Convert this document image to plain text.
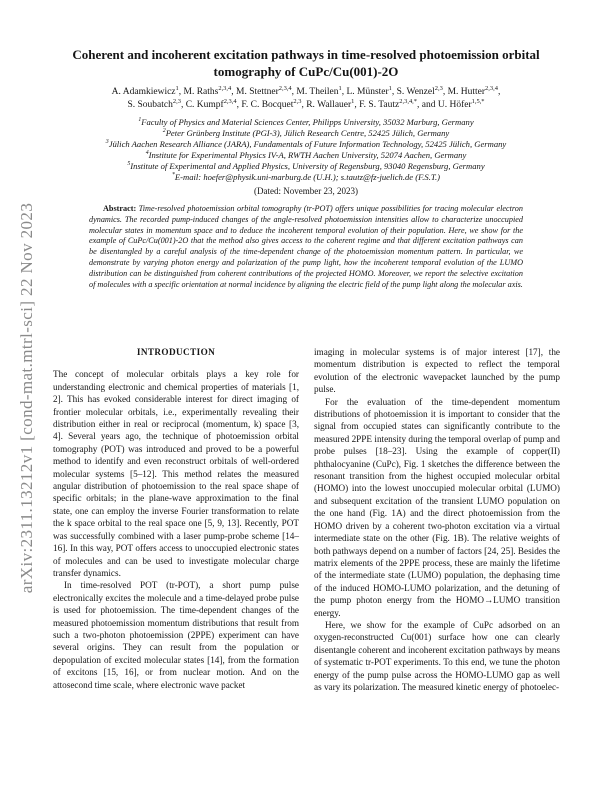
arXiv:2311.13212v1 [cond-mat.mtrl-sci] 22 Nov 2023
Coherent and incoherent excitation pathways in time-resolved photoemission orbital
tomography of CuPc/Cu(001)-2O
A. Adamkiewicz$^1$, M. Raths$^{2,3,4}$, M. Stettner$^{2,3,4}$, M. Theilen$^1$, L. Münster$^1$, S. Wenzel$^{2,3}$, M. Hutter$^{2,3,4}$,
S. Soubatch$^{2,3}$, C. Kumpf$^{2,3,4}$, F. C. Bocquet$^{2,3}$, R. Wallauer$^1$, F. S. Tautz$^{2,3,4,*}$, and U. Höfer$^{1,5,*}$
$^1$Faculty of Physics and Material Sciences Center, Philipps University, 35032 Marburg, Germany
$^2$Peter Grünberg Institute (PGI-3), Jülich Research Centre, 52425 Jülich, Germany
$^3$Jülich Aachen Research Alliance (JARA), Fundamentals of Future Information Technology, 52425 Jülich, Germany
$^4$Institute for Experimental Physics IV-A, RWTH Aachen University, 52074 Aachen, Germany
$^5$Institute of Experimental and Applied Physics, University of Regensburg, 93040 Regensburg, Germany
*E-mail: hoefer@physik.uni-marburg.de (U.H.); s.tautz@fz-juelich.de (F.S.T.)
(Dated: November 23, 2023)
Abstract: Time-resolved photoemission orbital tomography (tr-POT) offers unique possibilities for tracing molecular electron dynamics. The recorded pump-induced changes of the angle-resolved photoemission intensities allow to characterize unoccupied molecular states in momentum space and to deduce the incoherent temporal evolution of their population. Here, we show for the example of CuPc/Cu(001)-2O that the method also gives access to the coherent regime and that different excitation pathways can be disentangled by a careful analysis of the time-dependent change of the photoemission momentum pattern. In particular, we demonstrate by varying photon energy and polarization of the pump light, how the incoherent temporal evolution of the LUMO distribution can be distinguished from coherent contributions of the projected HOMO. Moreover, we report the selective excitation of molecules with a specific orientation at normal incidence by aligning the electric field of the pump light along the molecular axis.
INTRODUCTION

The concept of molecular orbitals plays a key role for understanding electronic and chemical properties of materials [1, 2]. This has evoked considerable interest for direct imaging of frontier molecular orbitals, i.e., experimentally revealing their distribution either in real or reciprocal (momentum, k) space [3, 4]. Several years ago, the technique of photoemission orbital tomography (POT) was introduced and proved to be a powerful method to identify and even reconstruct orbitals of well-ordered molecular systems [5–12]. This method relates the measured angular distribution of photoemission to the real space shape of specific orbitals; in the plane-wave approximation to the final state, one can employ the inverse Fourier transformation to relate the k space orbital to the real space one [5, 9, 13]. Recently, POT was successfully combined with a laser pump-probe scheme [14–16]. In this way, POT offers access to unoccupied electronic states of molecules and can be used to investigate molecular charge transfer dynamics.

In time-resolved POT (tr-POT), a short pump pulse electronically excites the molecule and a time-delayed probe pulse is used for photoemission. The time-dependent changes of the measured photoemission momentum distributions that result from such a two-photon photoemission (2PPE) experiment can have several origins. They can result from the population or depopulation of excited molecular states [14], from the formation of excitons [15, 16], or from nuclear motion. And on the attosecond time scale, where electronic wave packet

imaging in molecular systems is of major interest [17], the momentum distribution is expected to reflect the temporal evolution of the electronic wavepacket launched by the pump pulse.

For the evaluation of the time-dependent momentum distributions of photoemission it is important to consider that the signal from occupied states can significantly contribute to the measured 2PPE intensity during the temporal overlap of pump and probe pulses [18–23]. Using the example of copper(II) phthalocyanine (CuPc), Fig. 1 sketches the difference between the resonant transition from the highest occupied molecular orbital (HOMO) into the lowest unoccupied molecular orbital (LUMO) and subsequent excitation of the transient LUMO population on the one hand (Fig. 1A) and the direct photoemission from the HOMO driven by a coherent two-photon excitation via a virtual intermediate state on the other (Fig. 1B). The relative weights of both pathways depend on a number of factors [24, 25]. Besides the matrix elements of the 2PPE process, these are mainly the lifetime of the intermediate state (LUMO) population, the dephasing time of the induced HOMO-LUMO polarization, and the detuning of the pump photon energy from the HOMO→LUMO transition energy.

Here, we show for the example of CuPc adsorbed on an oxygen-reconstructed Cu(001) surface how one can clearly disentangle coherent and incoherent excitation pathways by means of systematic tr-POT experiments. To this end, we tune the photon energy of the pump pulse across the HOMO-LUMO gap as well as vary its polarization. The measured kinetic energy of photoelec-
